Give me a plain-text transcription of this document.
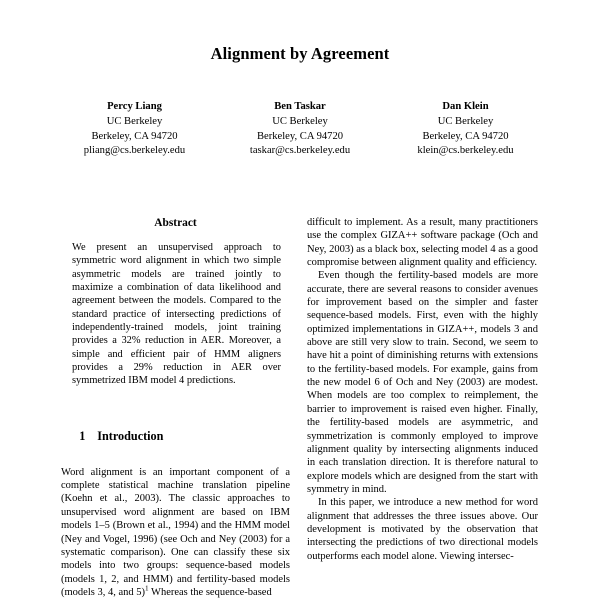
Alignment by Agreement
Percy Liang
UC Berkeley
Berkeley, CA 94720
pliang@cs.berkeley.edu
Ben Taskar
UC Berkeley
Berkeley, CA 94720
taskar@cs.berkeley.edu
Dan Klein
UC Berkeley
Berkeley, CA 94720
klein@cs.berkeley.edu
Abstract

We present an unsupervised approach to symmetric word alignment in which two simple asymmetric models are trained jointly to maximize a combination of data likelihood and agreement between the models. Compared to the standard practice of intersecting predictions of independently-trained models, joint training provides a 32% reduction in AER. Moreover, a simple and efficient pair of HMM aligners provides a 29% reduction in AER over symmetrized IBM model 4 predictions.

1 Introduction

Word alignment is an important component of a complete statistical machine translation pipeline (Koehn et al., 2003). The classic approaches to unsupervised word alignment are based on IBM models 1–5 (Brown et al., 1994) and the HMM model (Ney and Vogel, 1996) (see Och and Ney (2003) for a systematic comparison). One can classify these six models into two groups: sequence-based models (models 1, 2, and HMM) and fertility-based models (models 3, 4, and 5)$^1$ Whereas the sequence-based

difficult to implement. As a result, many practitioners use the complex GIZA++ software package (Och and Ney, 2003) as a black box, selecting model 4 as a good compromise between alignment quality and efficiency.

Even though the fertility-based models are more accurate, there are several reasons to consider avenues for improvement based on the simpler and faster sequence-based models. First, even with the highly optimized implementations in GIZA++, models 3 and above are still very slow to train. Second, we seem to have hit a point of diminishing returns with extensions to the fertility-based models. For example, gains from the new model 6 of Och and Ney (2003) are modest. When models are too complex to reimplement, the barrier to improvement is raised even higher. Finally, the fertility-based models are asymmetric, and symmetrization is commonly employed to improve alignment quality by intersecting alignments induced in each translation direction. It is therefore natural to explore models which are designed from the start with symmetry in mind.

In this paper, we introduce a new method for word alignment that addresses the three issues above. Our development is motivated by the observation that intersecting the predictions of two directional models outperforms each model alone. Viewing intersec-
